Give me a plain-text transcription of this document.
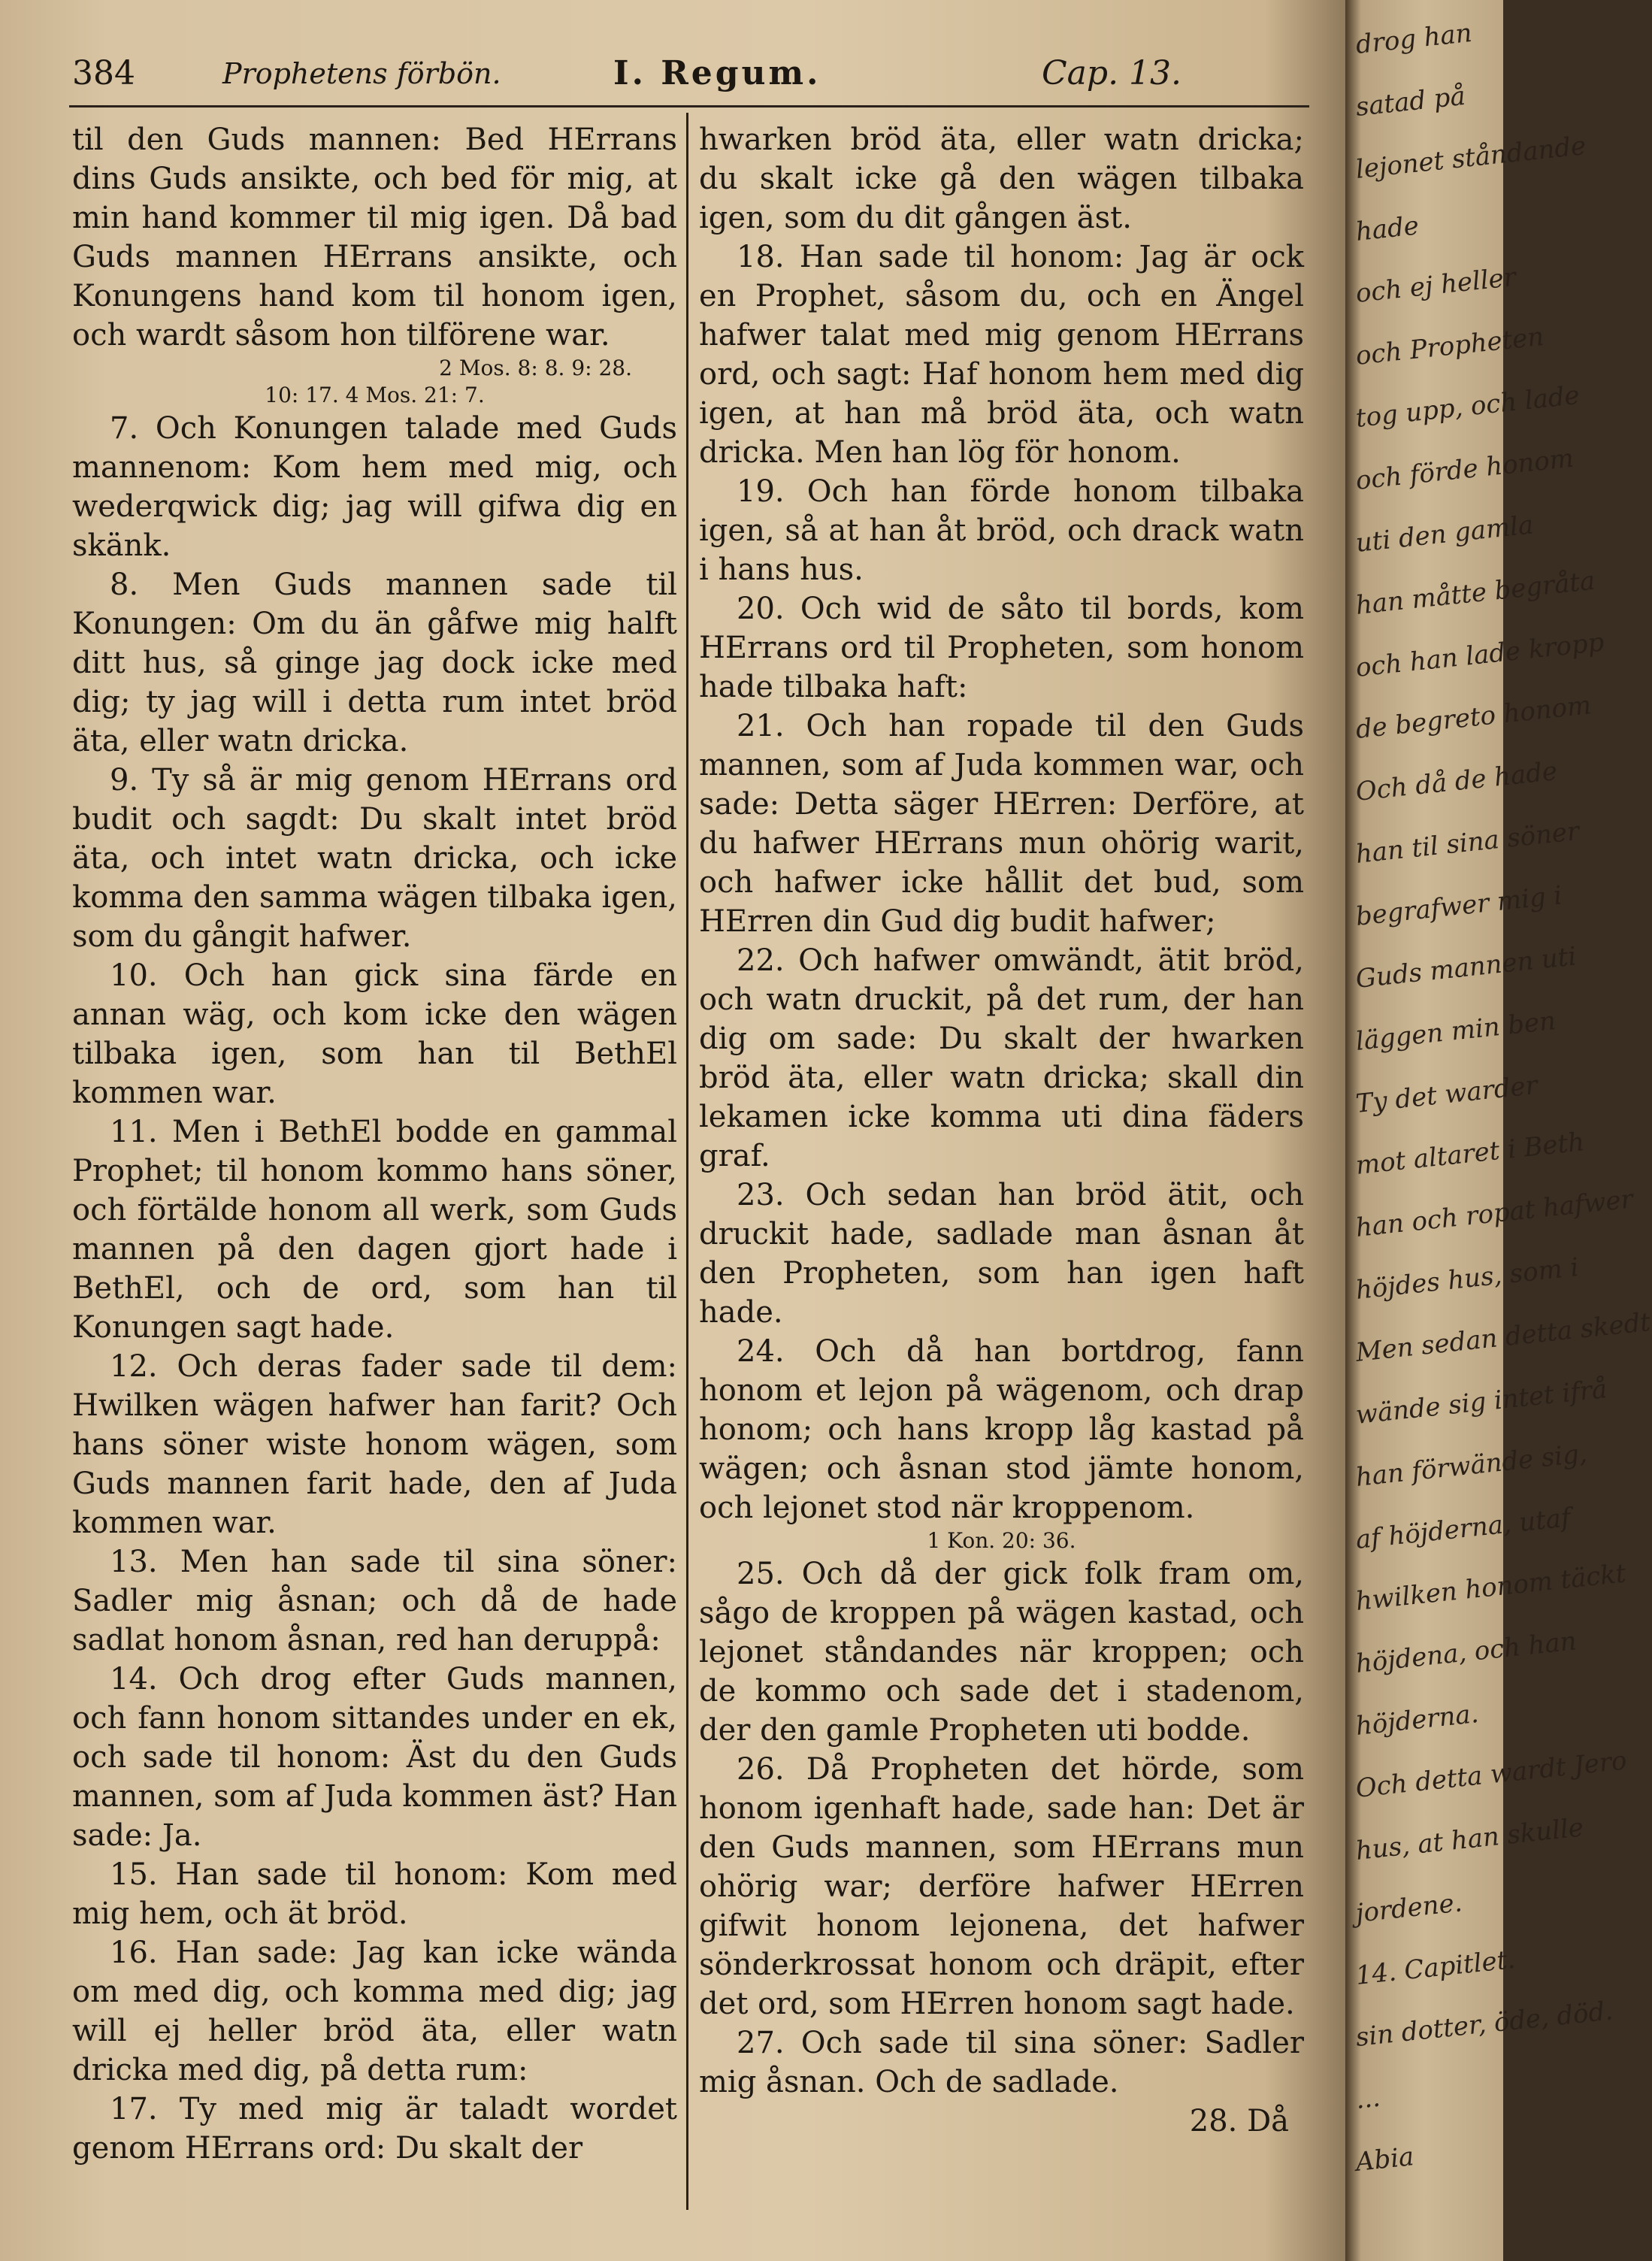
384	Prophetens förbön.	I. Regum.	Cap. 13.

til den Guds mannen: Bed HErrans dins Guds ansikte, och bed för mig, at min hand kommer til mig igen. Då bad Guds mannen HErrans ansikte, och Konungens hand kom til honom igen, och wardt såsom hon tilförene war.

2 Mos. 8: 8. 9: 28.

10: 17. 4 Mos. 21: 7.

7. Och Konungen talade med Guds mannenom: Kom hem med mig, och wederqwick dig; jag will gifwa dig en skänk.

8. Men Guds mannen sade til Konungen: Om du än gåfwe mig halft ditt hus, så ginge jag dock icke med dig; ty jag will i detta rum intet bröd äta, eller watn dricka.

9. Ty så är mig genom HErrans ord budit och sagdt: Du skalt intet bröd äta, och intet watn dricka, och icke komma den samma wägen tilbaka igen, som du gångit hafwer.

10. Och han gick sina färde en annan wäg, och kom icke den wägen tilbaka igen, som han til BethEl kommen war.

11. Men i BethEl bodde en gammal Prophet; til honom kommo hans söner, och förtälde honom all werk, som Guds mannen på den dagen gjort hade i BethEl, och de ord, som han til Konungen sagt hade.

12. Och deras fader sade til dem: Hwilken wägen hafwer han farit? Och hans söner wiste honom wägen, som Guds mannen farit hade, den af Juda kommen war.

13. Men han sade til sina söner: Sadler mig åsnan; och då de hade sadlat honom åsnan, red han deruppå:

14. Och drog efter Guds mannen, och fann honom sittandes under en ek, och sade til honom: Äst du den Guds mannen, som af Juda kommen äst? Han sade: Ja.

15. Han sade til honom: Kom med mig hem, och ät bröd.

16. Han sade: Jag kan icke wända om med dig, och komma med dig; jag will ej heller bröd äta, eller watn dricka med dig, på detta rum:

17. Ty med mig är taladt wordet genom HErrans ord: Du skalt der

hwarken bröd äta, eller watn dricka; du skalt icke gå den wägen tilbaka igen, som du dit gången äst.

18. Han sade til honom: Jag är ock en Prophet, såsom du, och en Ängel hafwer talat med mig genom HErrans ord, och sagt: Haf honom hem med dig igen, at han må bröd äta, och watn dricka. Men han lög för honom.

19. Och han förde honom tilbaka igen, så at han åt bröd, och drack watn i hans hus.

20. Och wid de såto til bords, kom HErrans ord til Propheten, som honom hade tilbaka haft:

21. Och han ropade til den Guds mannen, som af Juda kommen war, och sade: Detta säger HErren: Derföre, at du hafwer HErrans mun ohörig warit, och hafwer icke hållit det bud, som HErren din Gud dig budit hafwer;

22. Och hafwer omwändt, ätit bröd, och watn druckit, på det rum, der han dig om sade: Du skalt der hwarken bröd äta, eller watn dricka; skall din lekamen icke komma uti dina fäders graf.

23. Och sedan han bröd ätit, och druckit hade, sadlade man åsnan åt den Propheten, som han igen haft hade.

24. Och då han bortdrog, fann honom et lejon på wägenom, och drap honom; och hans kropp låg kastad på wägen; och åsnan stod jämte honom, och lejonet stod när kroppenom.

1 Kon. 20: 36.

25. Och då der gick folk fram om, sågo de kroppen på wägen kastad, och lejonet ståndandes när kroppen; och de kommo och sade det i stadenom, der den gamle Propheten uti bodde.

26. Då Propheten det hörde, som honom igenhaft hade, sade han: Det är den Guds mannen, som HErrans mun ohörig war; derföre hafwer HErren gifwit honom lejonena, det hafwer sönderkrossat honom och dräpit, efter det ord, som HErren honom sagt hade.

27. Och sade til sina söner: Sadler mig åsnan. Och de sadlade.

28. Då

drog han
satad på
lejonet ståndande
hade
och ej heller
och Propheten
tog upp, och lade
och förde honom
uti den gamla
han måtte begråta
och han lade kropp
de begreto honom
Och då de hade
han til sina söner
begrafwer mig i
Guds mannen uti
läggen min ben
Ty det warder
mot altaret i Beth
han och ropat hafwer
höjdes hus, som i
Men sedan detta skedt
wände sig intet ifrå
han förwände sig,
af höjderna, utaf
hwilken honom täckt
höjdena, och han
höjderna.
Och detta wardt Jero
hus, at han skulle
jordene.
14. Capitlet.
sin dotter, öde, död.
...
Abia
